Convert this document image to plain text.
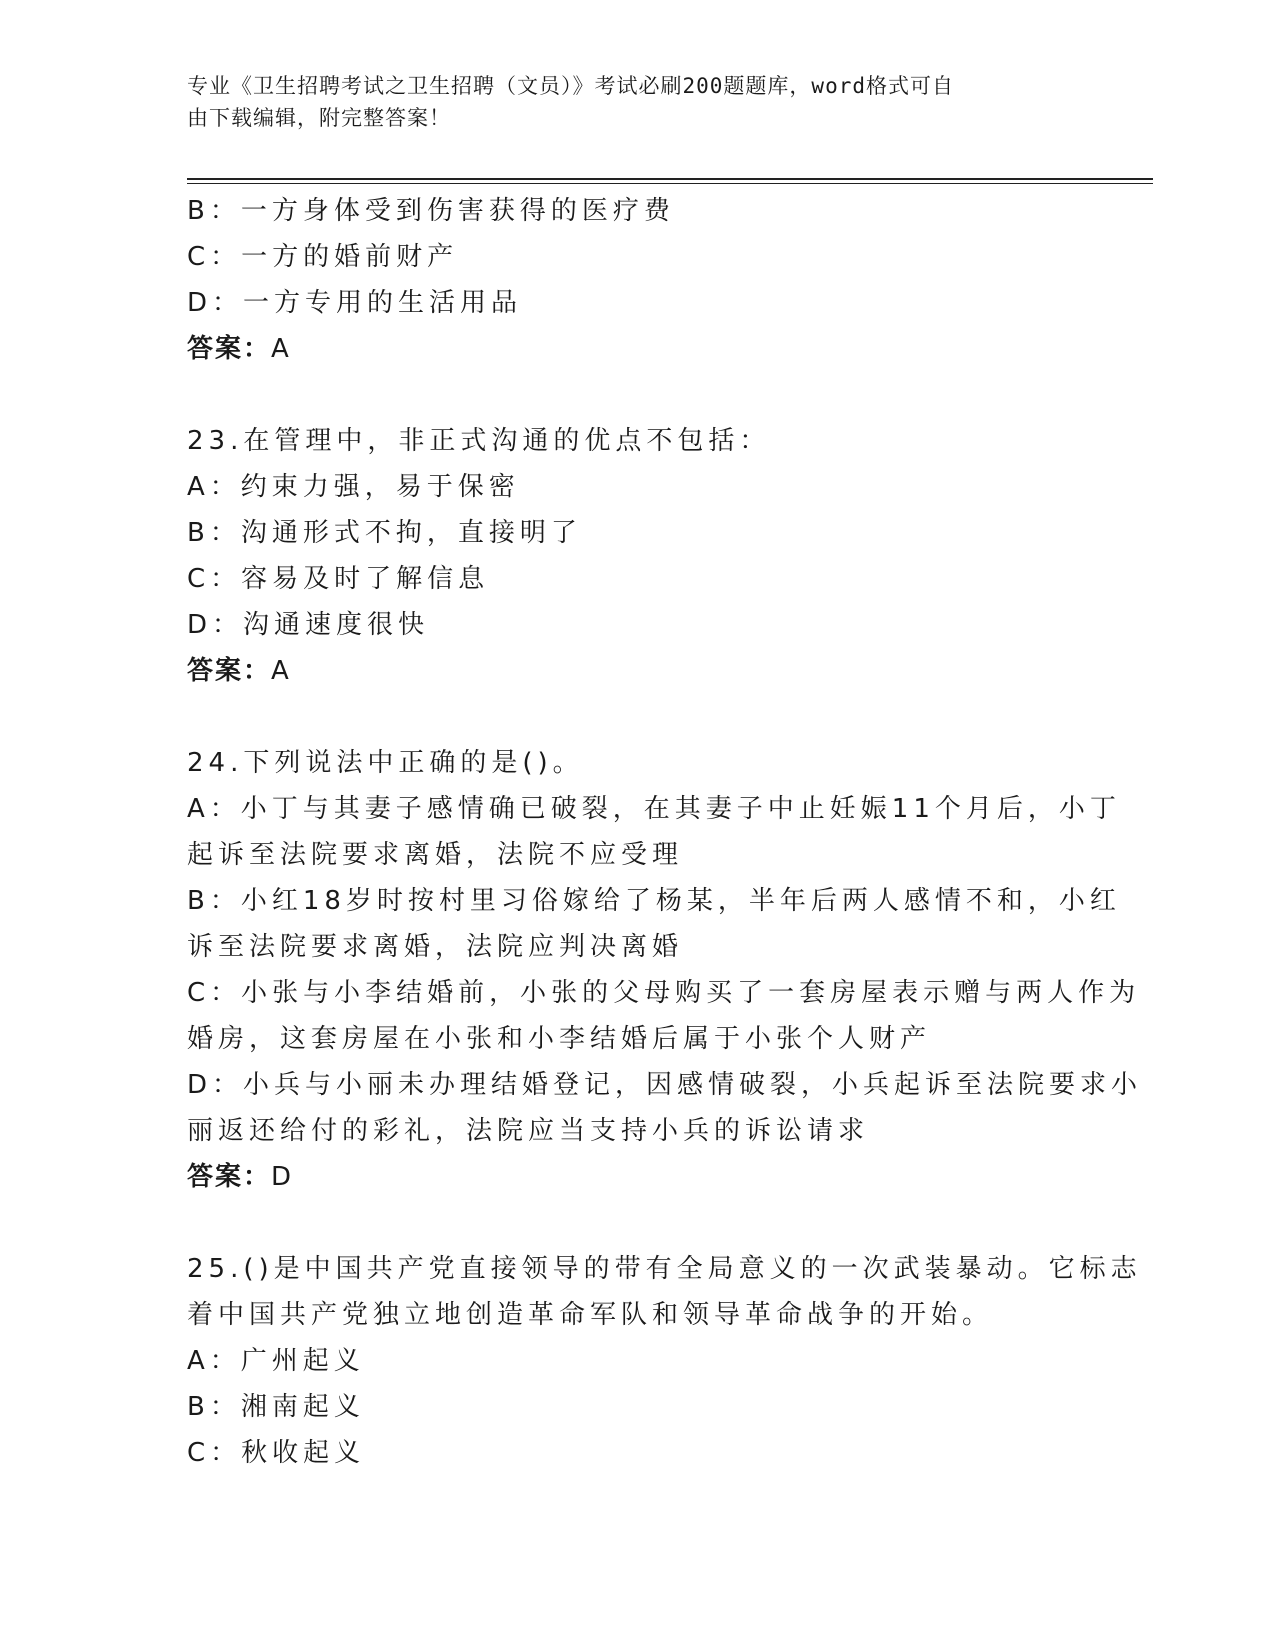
专业《卫生招聘考试之卫生招聘（文员）》考试必刷200题题库，word格式可自
由下载编辑，附完整答案！
B：一方身体受到伤害获得的医疗费
C：一方的婚前财产
D：一方专用的生活用品
答案：A
23.在管理中，非正式沟通的优点不包括：
A：约束力强，易于保密
B：沟通形式不拘，直接明了
C：容易及时了解信息
D：沟通速度很快
答案：A
24.下列说法中正确的是()。
A：小丁与其妻子感情确已破裂，在其妻子中止妊娠11个月后，小丁
起诉至法院要求离婚，法院不应受理
B：小红18岁时按村里习俗嫁给了杨某，半年后两人感情不和，小红
诉至法院要求离婚，法院应判决离婚
C：小张与小李结婚前，小张的父母购买了一套房屋表示赠与两人作为
婚房，这套房屋在小张和小李结婚后属于小张个人财产
D：小兵与小丽未办理结婚登记，因感情破裂，小兵起诉至法院要求小
丽返还给付的彩礼，法院应当支持小兵的诉讼请求
答案：D
25.()是中国共产党直接领导的带有全局意义的一次武装暴动。它标志
着中国共产党独立地创造革命军队和领导革命战争的开始。
A：广州起义
B：湘南起义
C：秋收起义
